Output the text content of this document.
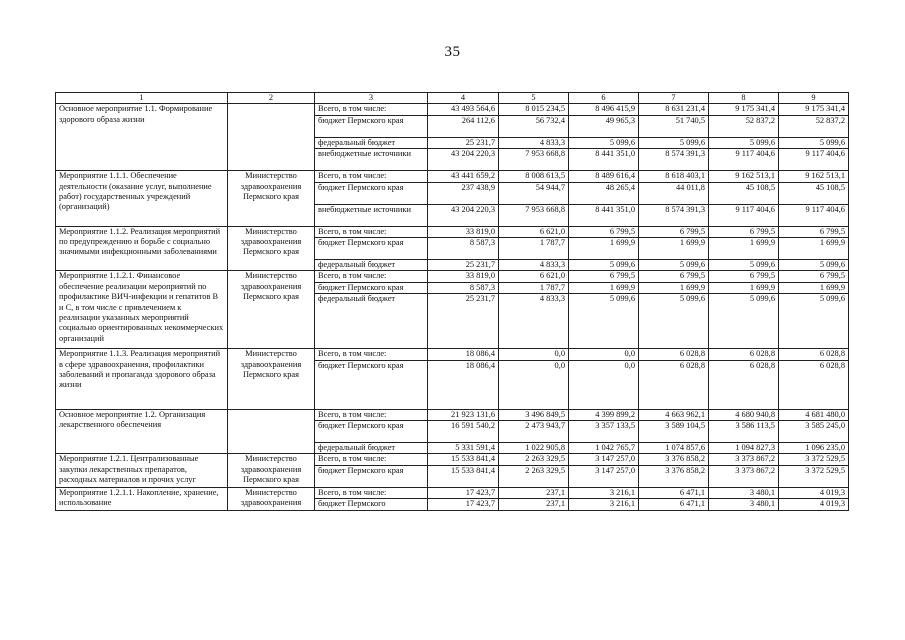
35
1	2	3	4	5	6	7	8	9
Основное мероприятие 1.1. Формирование здорового образа жизни		Всего, в том числе:	43 493 564,6	8 015 234,5	8 496 415,9	8 631 231,4	9 175 341,4	9 175 341,4
		бюджет Пермского края	264 112,6	56 732,4	49 965,3	51 740,5	52 837,2	52 837,2
		федеральный бюджет	25 231,7	4 833,3	5 099,6	5 099,6	5 099,6	5 099,6
		внебюджетные источники	43 204 220,3	7 953 668,8	8 441 351,0	8 574 391,3	9 117 404,6	9 117 404,6
Мероприятие 1.1.1. Обеспечение деятельности (оказание услуг, выполнение работ) государственных учреждений (организаций)	Министерство здравоохранения Пермского края	Всего, в том числе:	43 441 659,2	8 008 613,5	8 489 616,4	8 618 403,1	9 162 513,1	9 162 513,1
		бюджет Пермского края	237 438,9	54 944,7	48 265,4	44 011,8	45 108,5	45 108,5
		внебюджетные источники	43 204 220,3	7 953 668,8	8 441 351,0	8 574 391,3	9 117 404,6	9 117 404,6
Мероприятие 1.1.2. Реализация мероприятий по предупреждению и борьбе с социально значимыми инфекционными заболеваниями	Министерство здравоохранения Пермского края	Всего, в том числе:	33 819,0	6 621,0	6 799,5	6 799,5	6 799,5	6 799,5
		бюджет Пермского края	8 587,3	1 787,7	1 699,9	1 699,9	1 699,9	1 699,9
		федеральный бюджет	25 231,7	4 833,3	5 099,6	5 099,6	5 099,6	5 099,6
Мероприятие 1.1.2.1. Финансовое обеспечение реализации мероприятий по профилактике ВИЧ-инфекции и гепатитов В и С, в том числе с привлечением к реализации указанных мероприятий социально ориентированных некоммерческих организаций	Министерство здравоохранения Пермского края	Всего, в том числе:	33 819,0	6 621,0	6 799,5	6 799,5	6 799,5	6 799,5
		бюджет Пермского края	8 587,3	1 787,7	1 699,9	1 699,9	1 699,9	1 699,9
		федеральный бюджет	25 231,7	4 833,3	5 099,6	5 099,6	5 099,6	5 099,6
Мероприятие 1.1.3. Реализация мероприятий в сфере здравоохранения, профилактики заболеваний и пропаганда здорового образа жизни	Министерство здравоохранения Пермского края	Всего, в том числе:	18 086,4	0,0	0,0	6 028,8	6 028,8	6 028,8
		бюджет Пермского края	18 086,4	0,0	0,0	6 028,8	6 028,8	6 028,8
Основное мероприятие 1.2. Организация лекарственного обеспечения		Всего, в том числе:	21 923 131,6	3 496 849,5	4 399 899,2	4 663 962,1	4 680 940,8	4 681 480,0
		бюджет Пермского края	16 591 540,2	2 473 943,7	3 357 133,5	3 589 104,5	3 586 113,5	3 585 245,0
		федеральный бюджет	5 331 591,4	1 022 905,8	1 042 765,7	1 074 857,6	1 094 827,3	1 096 235,0
Мероприятие 1.2.1. Централизованные закупки лекарственных препаратов, расходных материалов и прочих услуг	Министерство здравоохранения Пермского края	Всего, в том числе:	15 533 841,4	2 263 329,5	3 147 257,0	3 376 858,2	3 373 867,2	3 372 529,5
		бюджет Пермского края	15 533 841,4	2 263 329,5	3 147 257,0	3 376 858,2	3 373 867,2	3 372 529,5
Мероприятие 1.2.1.1. Накопление, хранение, использование	Министерство здравоохранения	Всего, в том числе:	17 423,7	237,1	3 216,1	6 471,1	3 480,1	4 019,3
		бюджет Пермского	17 423,7	237,1	3 216,1	6 471,1	3 480,1	4 019,3
